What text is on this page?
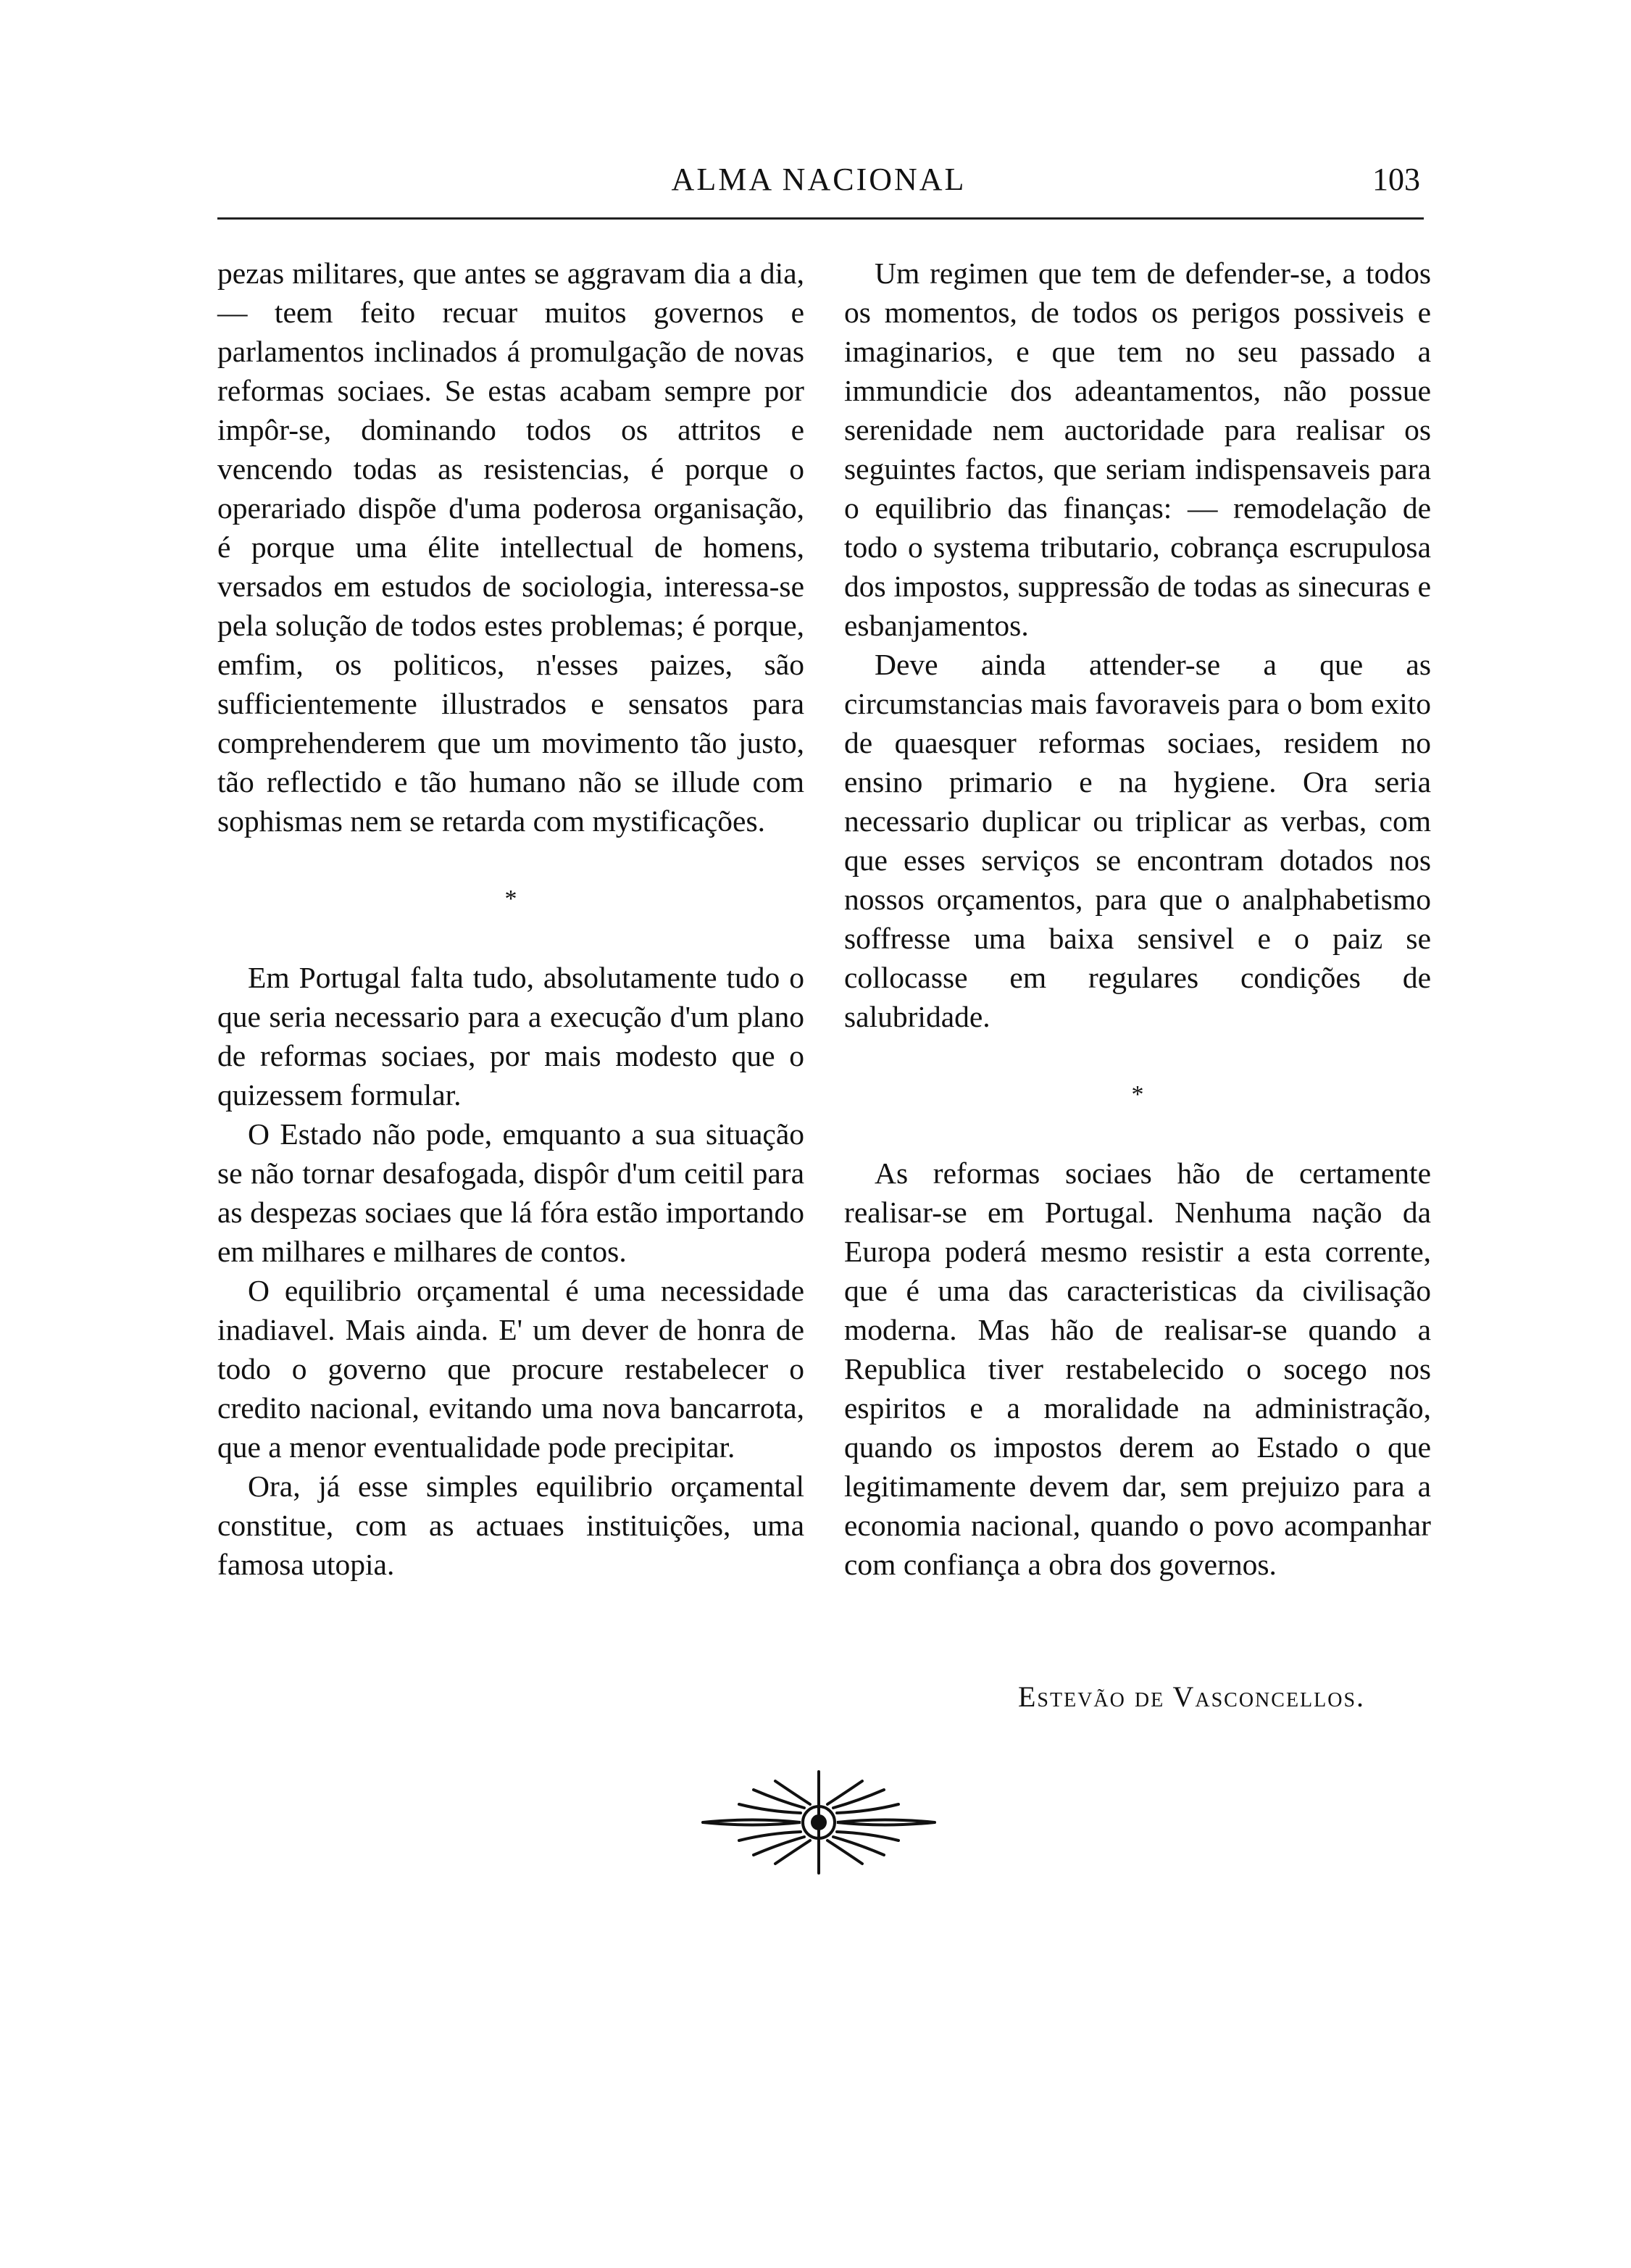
ALMA NACIONAL	103

pezas militares, que antes se aggravam dia a dia, — teem feito recuar muitos governos e parlamentos inclinados á promulgação de novas reformas sociaes. Se estas acabam sempre por impôr-se, dominando todos os attritos e vencendo todas as resistencias, é porque o operariado dispõe d'uma poderosa organisação, é porque uma élite intellectual de homens, versados em estudos de sociologia, interessa-se pela solução de todos estes problemas; é porque, emfim, os politicos, n'esses paizes, são sufficientemente illustrados e sensatos para comprehenderem que um movimento tão justo, tão reflectido e tão humano não se illude com sophismas nem se retarda com mystificações.

*

Em Portugal falta tudo, absolutamente tudo o que seria necessario para a execução d'um plano de reformas sociaes, por mais modesto que o quizessem formular.

O Estado não pode, emquanto a sua situação se não tornar desafogada, dispôr d'um ceitil para as despezas sociaes que lá fóra estão importando em milhares e milhares de contos.

O equilibrio orçamental é uma necessidade inadiavel. Mais ainda. E' um dever de honra de todo o governo que procure restabelecer o credito nacional, evitando uma nova bancarrota, que a menor eventualidade pode precipitar.

Ora, já esse simples equilibrio orçamental constitue, com as actuaes instituições, uma famosa utopia.

Um regimen que tem de defender-se, a todos os momentos, de todos os perigos possiveis e imaginarios, e que tem no seu passado a immundicie dos adeantamentos, não possue serenidade nem auctoridade para realisar os seguintes factos, que seriam indispensaveis para o equilibrio das finanças: — remodelação de todo o systema tributario, cobrança escrupulosa dos impostos, suppressão de todas as sinecuras e esbanjamentos.

Deve ainda attender-se a que as circumstancias mais favoraveis para o bom exito de quaesquer reformas sociaes, residem no ensino primario e na hygiene. Ora seria necessario duplicar ou triplicar as verbas, com que esses serviços se encontram dotados nos nossos orçamentos, para que o analphabetismo soffresse uma baixa sensivel e o paiz se collocasse em regulares condições de salubridade.

*

As reformas sociaes hão de certamente realisar-se em Portugal. Nenhuma nação da Europa poderá mesmo resistir a esta corrente, que é uma das caracteristicas da civilisação moderna. Mas hão de realisar-se quando a Republica tiver restabelecido o socego nos espiritos e a moralidade na administração, quando os impostos derem ao Estado o que legitimamente devem dar, sem prejuizo para a economia nacional, quando o povo acompanhar com confiança a obra dos governos.

Estevão de Vasconcellos.
